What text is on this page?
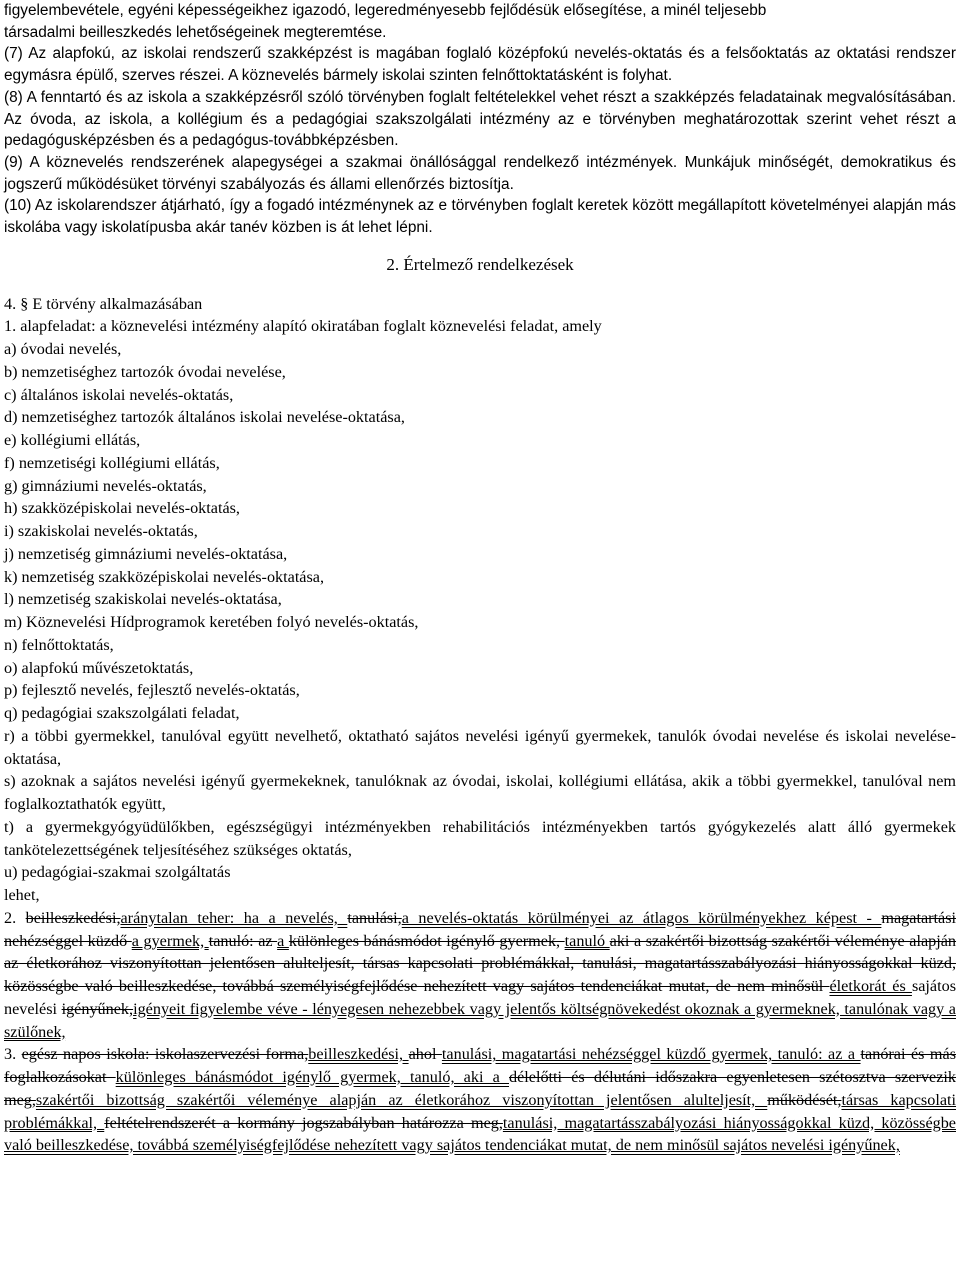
figyelembevétele, egyéni képességeikhez igazodó, legeredményesebb fejlődésük elősegítése, a minél teljesebb

társadalmi beilleszkedés lehetőségeinek megteremtése.

(7) Az alapfokú, az iskolai rendszerű szakképzést is magában foglaló középfokú nevelés-oktatás és a felsőoktatás az oktatási rendszer egymásra épülő, szerves részei. A köznevelés bármely iskolai szinten felnőttoktatásként is folyhat.

(8) A fenntartó és az iskola a szakképzésről szóló törvényben foglalt feltételekkel vehet részt a szakképzés feladatainak megvalósításában. Az óvoda, az iskola, a kollégium és a pedagógiai szakszolgálati intézmény az e törvényben meghatározottak szerint vehet részt a pedagógusképzésben és a pedagógus-továbbképzésben.

(9) A köznevelés rendszerének alapegységei a szakmai önállósággal rendelkező intézmények. Munkájuk minőségét, demokratikus és jogszerű működésüket törvényi szabályozás és állami ellenőrzés biztosítja.

(10) Az iskolarendszer átjárható, így a fogadó intézménynek az e törvényben foglalt keretek között megállapított követelményei alapján más iskolába vagy iskolatípusba akár tanév közben is át lehet lépni.

2. Értelmező rendelkezések

4. § E törvény alkalmazásában

1. alapfeladat: a köznevelési intézmény alapító okiratában foglalt köznevelési feladat, amely

a) óvodai nevelés,

b) nemzetiséghez tartozók óvodai nevelése,

c) általános iskolai nevelés-oktatás,

d) nemzetiséghez tartozók általános iskolai nevelése-oktatása,

e) kollégiumi ellátás,

f) nemzetiségi kollégiumi ellátás,

g) gimnáziumi nevelés-oktatás,

h) szakközépiskolai nevelés-oktatás,

i) szakiskolai nevelés-oktatás,

j) nemzetiség gimnáziumi nevelés-oktatása,

k) nemzetiség szakközépiskolai nevelés-oktatása,

l) nemzetiség szakiskolai nevelés-oktatása,

m) Köznevelési Hídprogramok keretében folyó nevelés-oktatás,

n) felnőttoktatás,

o) alapfokú művészetoktatás,

p) fejlesztő nevelés, fejlesztő nevelés-oktatás,

q) pedagógiai szakszolgálati feladat,

r) a többi gyermekkel, tanulóval együtt nevelhető, oktatható sajátos nevelési igényű gyermekek, tanulók óvodai nevelése és iskolai nevelése-oktatása,

s) azoknak a sajátos nevelési igényű gyermekeknek, tanulóknak az óvodai, iskolai, kollégiumi ellátása, akik a többi gyermekkel, tanulóval nem foglalkoztathatók együtt,

t) a gyermekgyógyüdülőkben, egészségügyi intézményekben rehabilitációs intézményekben tartós gyógykezelés alatt álló gyermekek tankötelezettségének teljesítéséhez szükséges oktatás,

u) pedagógiai-szakmai szolgáltatás

lehet,

2. beilleszkedési,aránytalan teher: ha a nevelés, tanulási,a nevelés-oktatás körülményei az átlagos körülményekhez képest - magatartási nehézséggel küzdő a gyermek, tanuló: az a különleges bánásmódot igénylő gyermek, tanuló aki a szakértői bizottság szakértői véleménye alapján az életkorához viszonyítottan jelentősen alulteljesít, társas kapcsolati problémákkal, tanulási, magatartásszabályozási hiányosságokkal küzd, közösségbe való beilleszkedése, továbbá személyiségfejlődése nehezített vagy sajátos tendenciákat mutat, de nem minősül életkorát és sajátos nevelési igényűnek,igényeit figyelembe véve - lényegesen nehezebbek vagy jelentős költségnövekedést okoznak a gyermeknek, tanulónak vagy a szülőnek,

3. egész napos iskola: iskolaszervezési forma,beilleszkedési, ahol tanulási, magatartási nehézséggel küzdő gyermek, tanuló: az a tanórai és más foglalkozásokat különleges bánásmódot igénylő gyermek, tanuló, aki a délelőtti és délutáni időszakra egyenletesen szétosztva szervezik meg,szakértői bizottság szakértői véleménye alapján az életkorához viszonyítottan jelentősen alulteljesít, működését,társas kapcsolati problémákkal, feltételrendszerét a kormány jogszabályban határozza meg,tanulási, magatartásszabályozási hiányosságokkal küzd, közösségbe való beilleszkedése, továbbá személyiségfejlődése nehezített vagy sajátos tendenciákat mutat, de nem minősül sajátos nevelési igényűnek,
